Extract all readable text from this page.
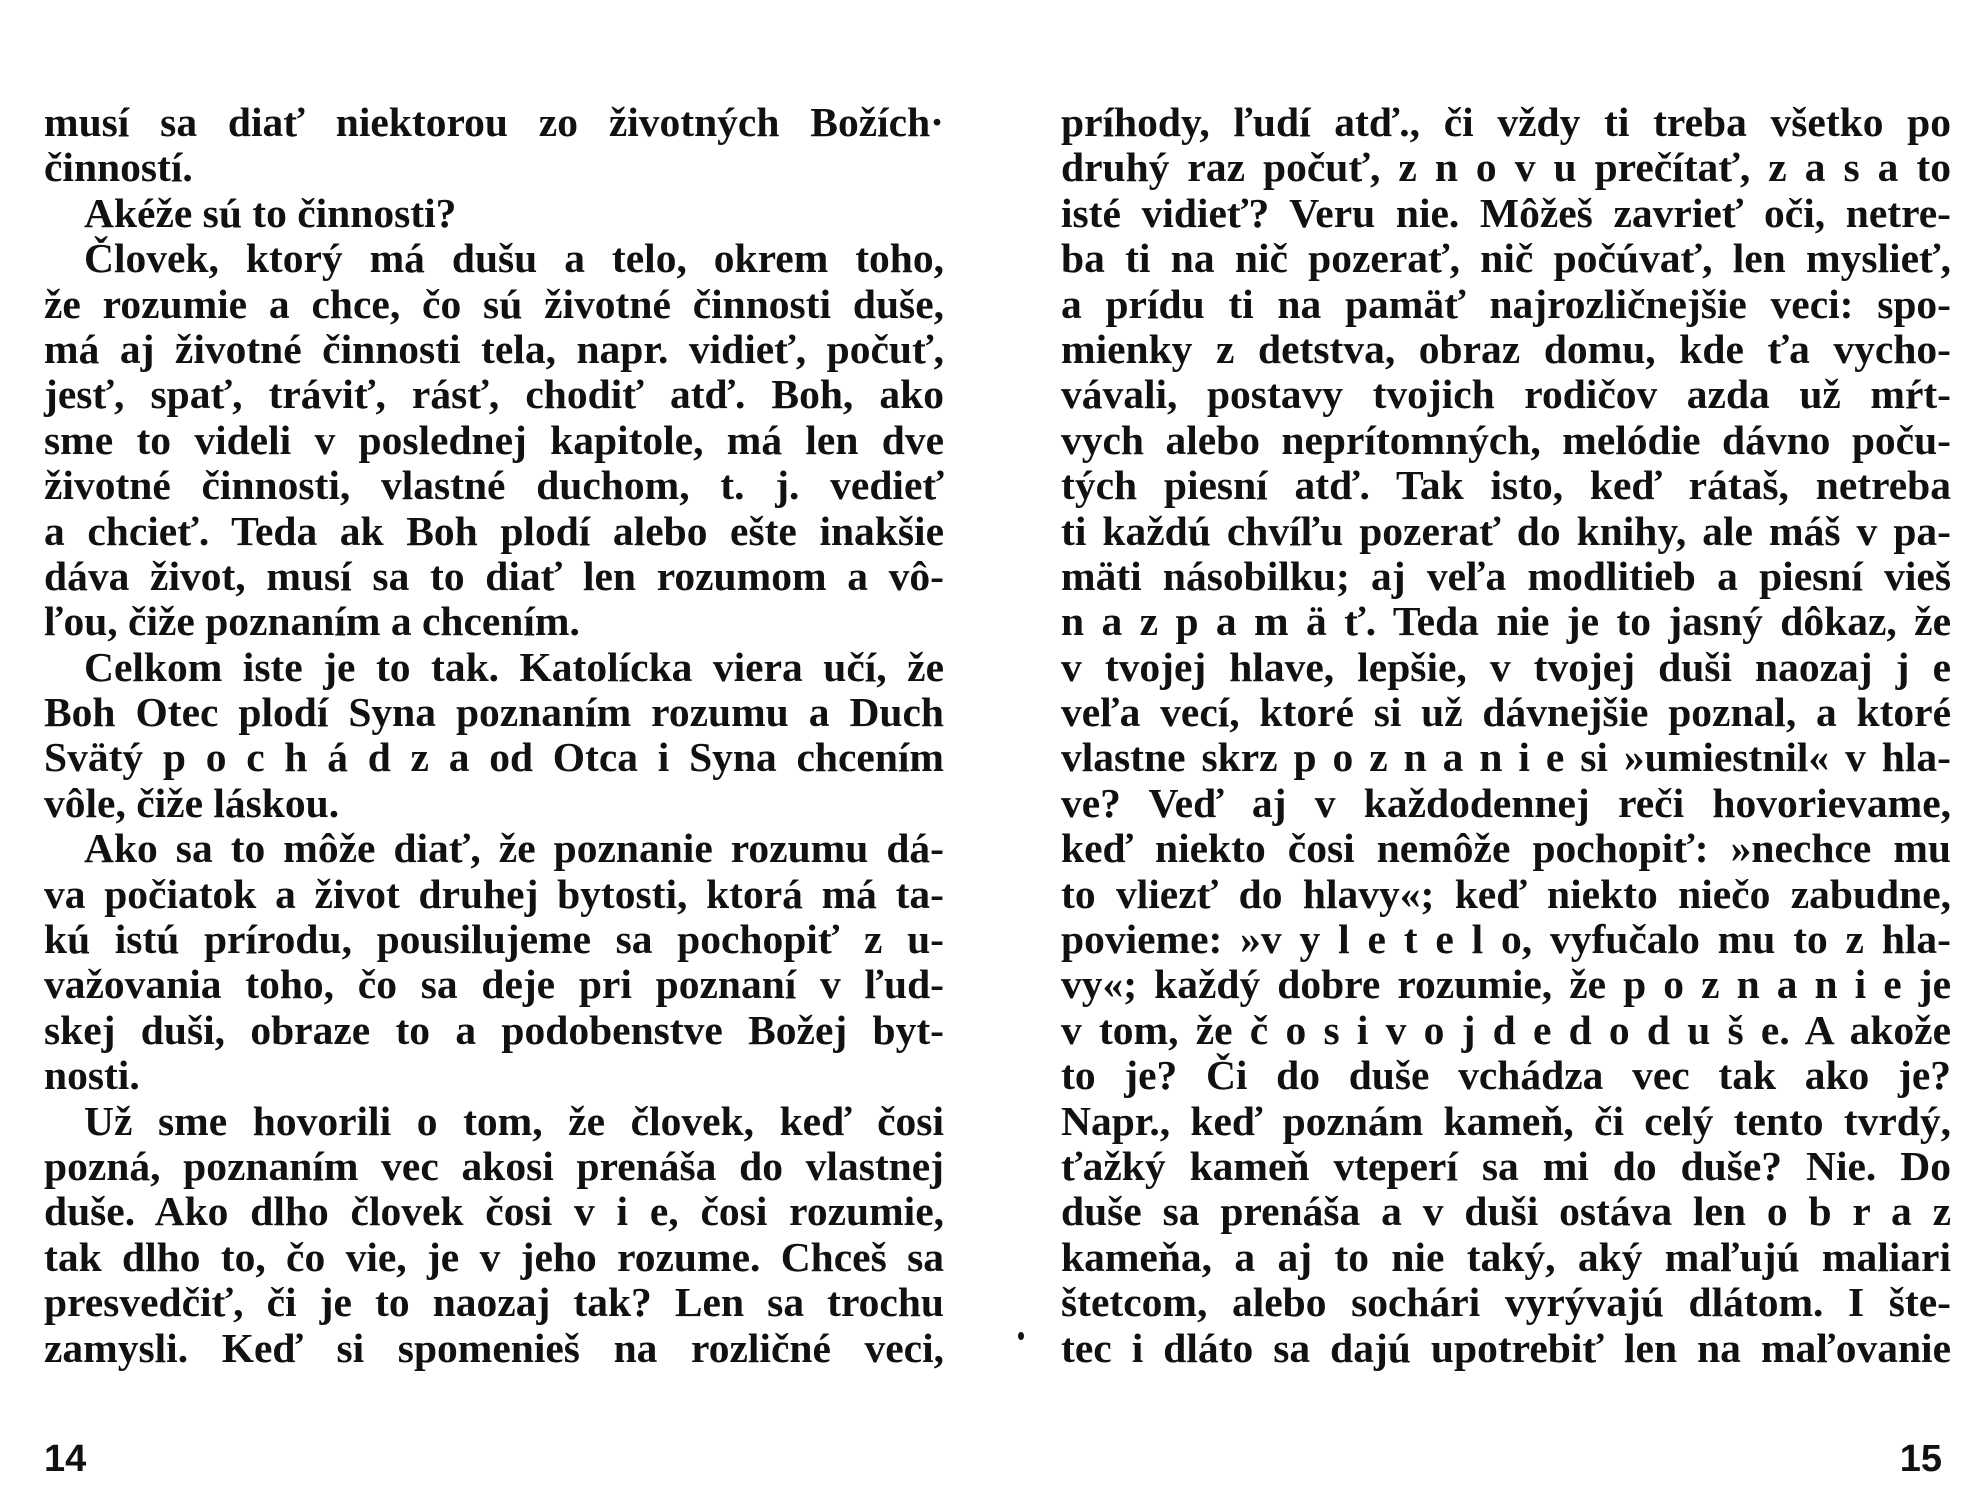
musí sa diať niektorou zo životných Božích·
činností.
Akéže sú to činnosti?
Človek, ktorý má dušu a telo, okrem toho,
že rozumie a chce, čo sú životné činnosti duše,
má aj životné činnosti tela, napr. vidieť, počuť,
jesť, spať, tráviť, rásť, chodiť atď. Boh, ako
sme to videli v poslednej kapitole, má len dve
životné činnosti, vlastné duchom, t. j. vedieť
a chcieť. Teda ak Boh plodí alebo ešte inakšie
dáva život, musí sa to diať len rozumom a vô-
ľou, čiže poznaním a chcením.
Celkom iste je to tak. Katolícka viera učí, že
Boh Otec plodí Syna poznaním rozumu a Duch
Svätý p o c h á d z a od Otca i Syna chcením
vôle, čiže láskou.
Ako sa to môže diať, že poznanie rozumu dá-
va počiatok a život druhej bytosti, ktorá má ta-
kú istú prírodu, pousilujeme sa pochopiť z u-
važovania toho, čo sa deje pri poznaní v ľud-
skej duši, obraze to a podobenstve Božej byt-
nosti.
Už sme hovorili o tom, že človek, keď čosi
pozná, poznaním vec akosi prenáša do vlastnej
duše. Ako dlho človek čosi v i e, čosi rozumie,
tak dlho to, čo vie, je v jeho rozume. Chceš sa
presvedčiť, či je to naozaj tak? Len sa trochu
zamysli. Keď si spomenieš na rozličné veci,
14
príhody, ľudí atď., či vždy ti treba všetko po
druhý raz počuť, z n o v u prečítať, z a s a to
isté vidieť? Veru nie. Môžeš zavrieť oči, netre-
ba ti na nič pozerať, nič počúvať, len myslieť,
a prídu ti na pamäť najrozličnejšie veci: spo-
mienky z detstva, obraz domu, kde ťa vycho-
vávali, postavy tvojich rodičov azda už mŕt-
vych alebo neprítomných, melódie dávno poču-
tých piesní atď. Tak isto, keď rátaš, netreba
ti každú chvíľu pozerať do knihy, ale máš v pa-
mäti násobilku; aj veľa modlitieb a piesní vieš
n a z p a m ä ť. Teda nie je to jasný dôkaz, že
v tvojej hlave, lepšie, v tvojej duši naozaj j e
veľa vecí, ktoré si už dávnejšie poznal, a ktoré
vlastne skrz p o z n a n i e si »umiestnil« v hla-
ve? Veď aj v každodennej reči hovorievame,
keď niekto čosi nemôže pochopiť: »nechce mu
to vliezť do hlavy«; keď niekto niečo zabudne,
povieme: »v y l e t e l o, vyfučalo mu to z hla-
vy«; každý dobre rozumie, že p o z n a n i e je
v tom, že č o s i v o j d e d o d u š e. A akože
to je? Či do duše vchádza vec tak ako je?
Napr., keď poznám kameň, či celý tento tvrdý,
ťažký kameň vteperí sa mi do duše? Nie. Do
duše sa prenáša a v duši ostáva len o b r a z
kameňa, a aj to nie taký, aký maľujú maliari
štetcom, alebo sochári vyrývajú dlátom. I šte-
tec i dláto sa dajú upotrebiť len na maľovanie
15
